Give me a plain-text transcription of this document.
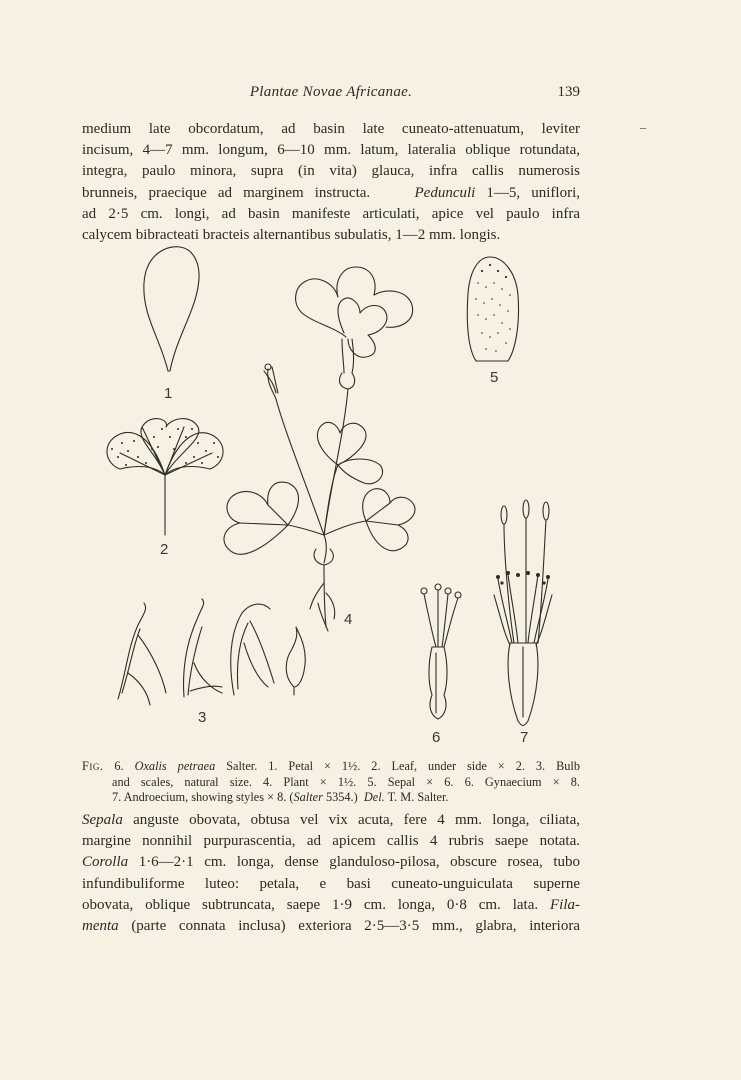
Plantae Novae Africanae.	139
medium late obcordatum, ad basin late cuneato-attenuatum, leviter
incisum, 4—7 mm. longum, 6—10 mm. latum, lateralia oblique rotundata,
integra, paulo minora, supra (in vita) glauca, infra callis numerosis
brunneis, praecique ad marginem instructa.	Pedunculi 1—5, uniflori,
ad 2·5 cm. longi, ad basin manifeste articulati, apice vel paulo infra
calycem bibracteati bracteis alternantibus subulatis, 1—2 mm. longis.
1
2
3
4
5
6	7
Fig. 6. Oxalis petraea Salter. 1. Petal × 1½. 2. Leaf, under side × 2. 3. Bulb
and scales, natural size. 4. Plant × 1½. 5. Sepal × 6. 6. Gynaecium × 8.
7. Androecium, showing styles × 8. (Salter 5354.) Del. T. M. Salter.
Sepala anguste obovata, obtusa vel vix acuta, fere 4 mm. longa, ciliata,
margine nonnihil purpurascentia, ad apicem callis 4 rubris saepe notata.
Corolla 1·6—2·1 cm. longa, dense glanduloso-pilosa, obscure rosea, tubo
infundibuliforme luteo: petala, e basi cuneato-unguiculata superne
obovata, oblique subtruncata, saepe 1·9 cm. longa, 0·8 cm. lata. Fila-
menta (parte connata inclusa) exteriora 2·5—3·5 mm., glabra, interiora
